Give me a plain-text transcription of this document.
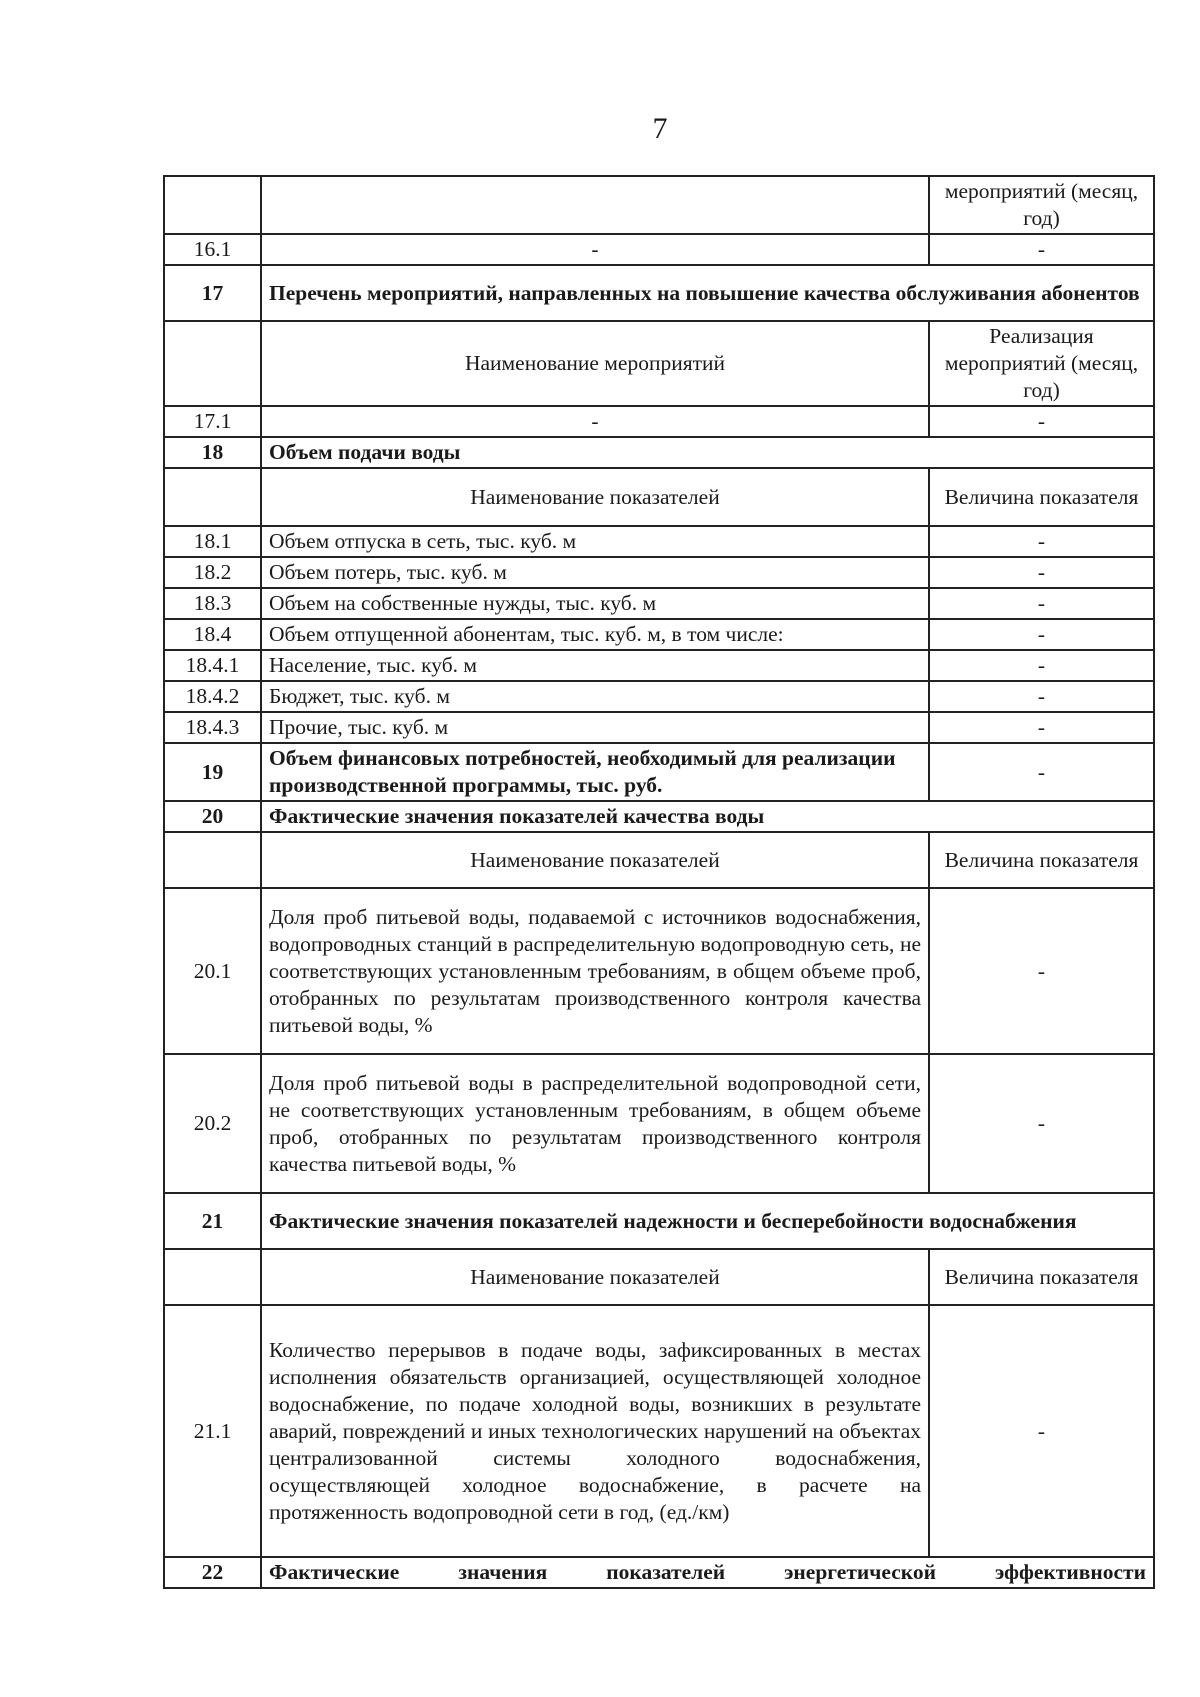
7
		мероприятий (месяц, год)
16.1	-	-
17	Перечень мероприятий, направленных на повышение качества обслуживания абонентов	
	Наименование мероприятий	Реализация мероприятий (месяц, год)
17.1	-	-
18	Объем подачи воды	
	Наименование показателей	Величина показателя
18.1	Объем отпуска в сеть, тыс. куб. м	-
18.2	Объем потерь, тыс. куб. м	-
18.3	Объем на собственные нужды, тыс. куб. м	-
18.4	Объем отпущенной абонентам, тыс. куб. м, в том числе:	-
18.4.1	Население, тыс. куб. м	-
18.4.2	Бюджет, тыс. куб. м	-
18.4.3	Прочие, тыс. куб. м	-
19	Объем финансовых потребностей, необходимый для реализации производственной программы, тыс. руб.	-
20	Фактические значения показателей качества воды	
	Наименование показателей	Величина показателя
20.1	Доля проб питьевой воды, подаваемой с источников водоснабжения, водопроводных станций в распределительную водопроводную сеть, не соответствующих установленным требованиям, в общем объеме проб, отобранных по результатам производственного контроля качества питьевой воды, %	-
20.2	Доля проб питьевой воды в распределительной водопроводной сети, не соответствующих установленным требованиям, в общем объеме проб, отобранных по результатам производственного контроля качества питьевой воды, %	-
21	Фактические значения показателей надежности и бесперебойности водоснабжения	
	Наименование показателей	Величина показателя
21.1	Количество перерывов в подаче воды, зафиксированных в местах исполнения обязательств организацией, осуществляющей холодное водоснабжение, по подаче холодной воды, возникших в результате аварий, повреждений и иных технологических нарушений на объектах централизованной системы холодного водоснабжения, осуществляющей холодное водоснабжение, в расчете на протяженность водопроводной сети в год, (ед./км)	-
22	Фактические значения показателей энергетической эффективности	
